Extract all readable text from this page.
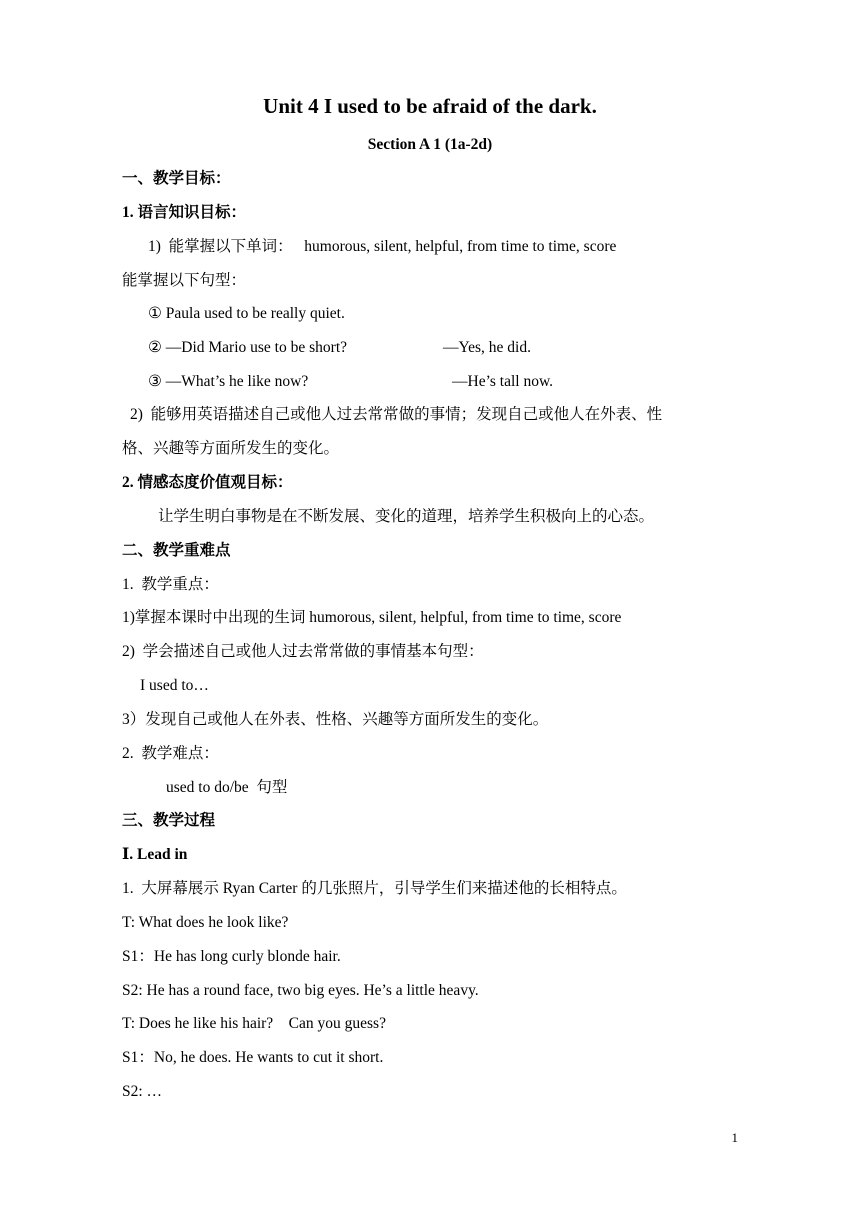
Unit 4 I used to be afraid of the dark.
Section A 1 (1a-2d)
一、教学目标：
1. 语言知识目标：
1)  能掌握以下单词：   humorous, silent, helpful, from time to time, score
能掌握以下句型：
① Paula used to be really quiet.
② —Did Mario use to be short?	—Yes, he did.
③ —What’s he like now?	—He’s tall now.
2)  能够用英语描述自己或他人过去常常做的事情；发现自己或他人在外表、性
格、兴趣等方面所发生的变化。
2. 情感态度价值观目标：
让学生明白事物是在不断发展、变化的道理，培养学生积极向上的心态。
二、教学重难点
1.  教学重点：
1)掌握本课时中出现的生词 humorous, silent, helpful, from time to time, score
2)  学会描述自己或他人过去常常做的事情基本句型：
I used to…
3）发现自己或他人在外表、性格、兴趣等方面所发生的变化。
2.  教学难点：
used to do/be  句型
三、教学过程
Ⅰ. Lead in
1.  大屏幕展示 Ryan Carter 的几张照片，引导学生们来描述他的长相特点。
T: What does he look like?
S1：He has long curly blonde hair.
S2: He has a round face, two big eyes. He’s a little heavy.
T: Does he like his hair?    Can you guess?
S1：No, he does. He wants to cut it short.
S2: …
1
